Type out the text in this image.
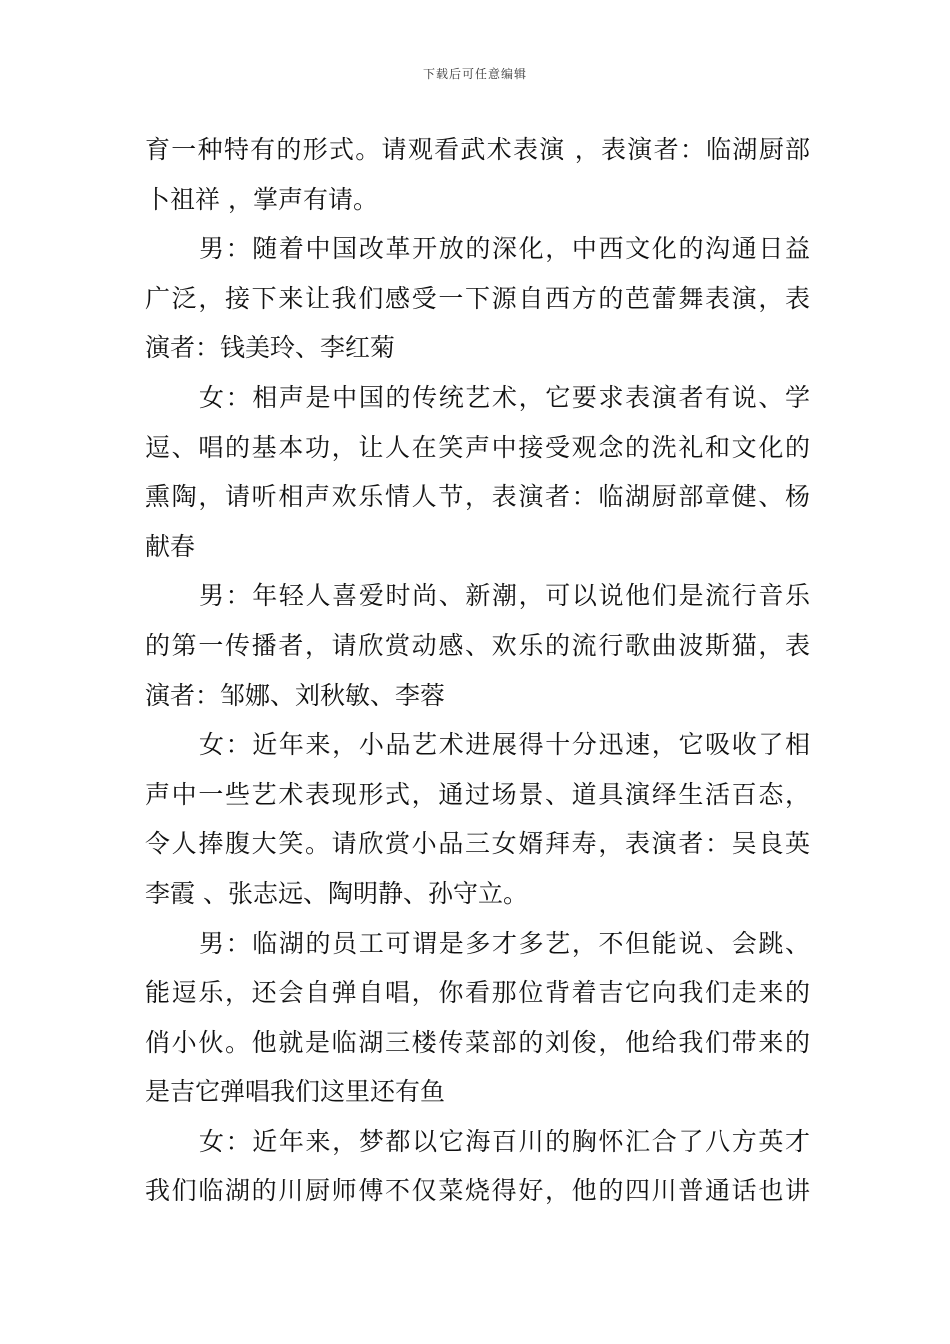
下载后可任意编辑
育一种特有的形式。请观看武术表演 ，表演者：临湖厨部
卜祖祥 ，掌声有请。
男：随着中国改革开放的深化，中西文化的沟通日益
广泛，接下来让我们感受一下源自西方的芭蕾舞表演，表
演者：钱美玲、李红菊
女：相声是中国的传统艺术，它要求表演者有说、学
逗、唱的基本功，让人在笑声中接受观念的洗礼和文化的
熏陶，请听相声欢乐情人节，表演者：临湖厨部章健、杨
献春
男：年轻人喜爱时尚、新潮，可以说他们是流行音乐
的第一传播者，请欣赏动感、欢乐的流行歌曲波斯猫，表
演者：邹娜、刘秋敏、李蓉
女：近年来，小品艺术进展得十分迅速，它吸收了相
声中一些艺术表现形式，通过场景、道具演绎生活百态，
令人捧腹大笑。请欣赏小品三女婿拜寿，表演者：吴良英
李霞 、张志远、陶明静、孙守立。
男：临湖的员工可谓是多才多艺，不但能说、会跳、
能逗乐，还会自弹自唱，你看那位背着吉它向我们走来的
俏小伙。他就是临湖三楼传菜部的刘俊，他给我们带来的
是吉它弹唱我们这里还有鱼
女：近年来，梦都以它海百川的胸怀汇合了八方英才
我们临湖的川厨师傅不仅菜烧得好，他的四川普通话也讲
